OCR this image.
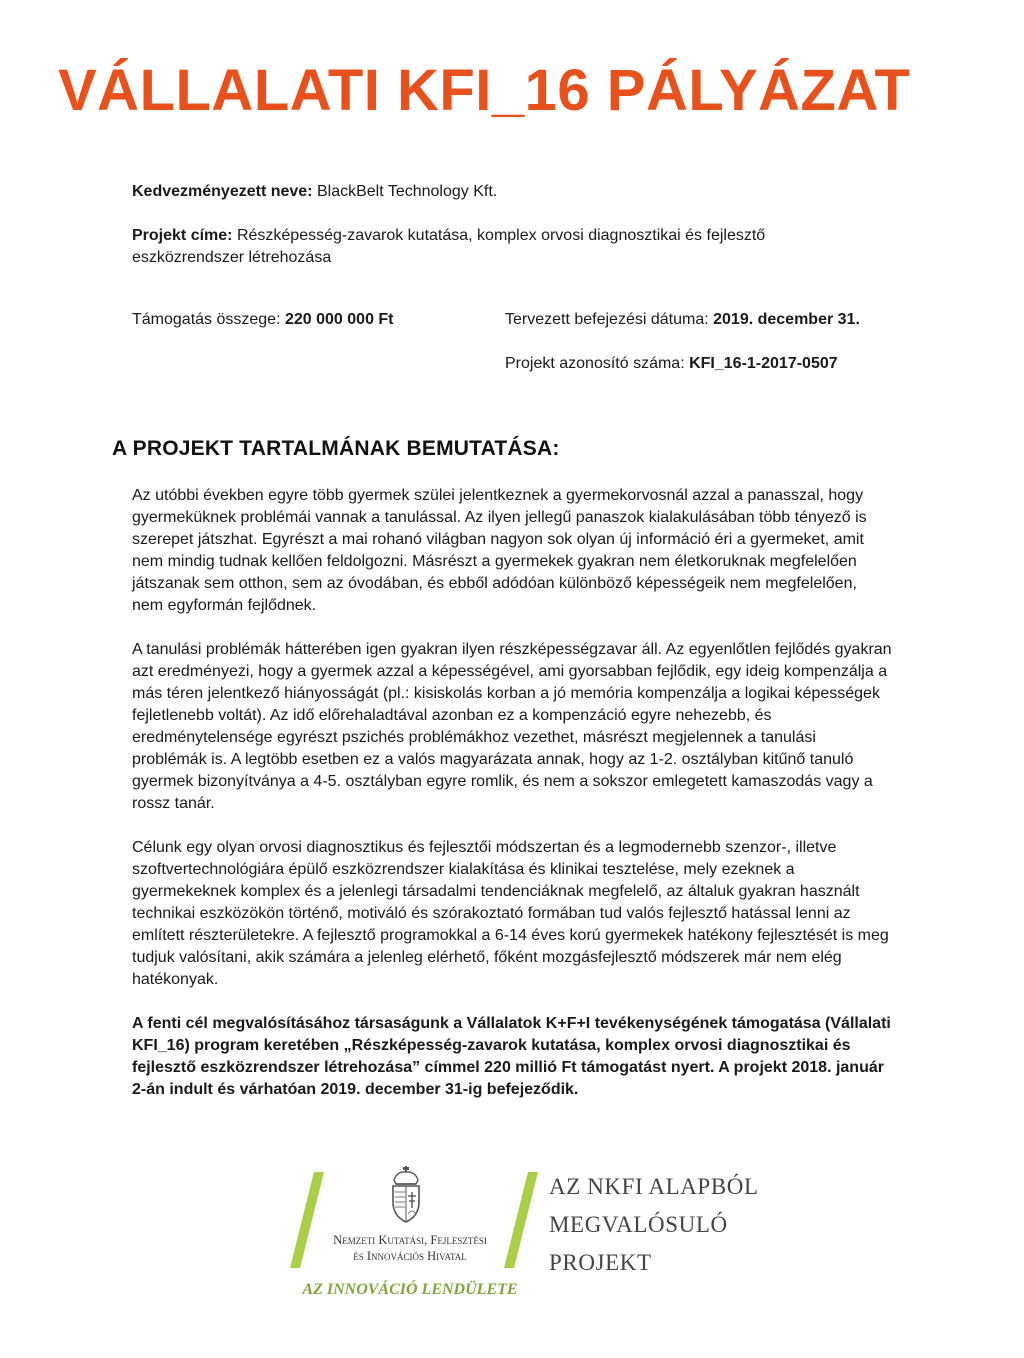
VÁLLALATI KFI_16 PÁLYÁZAT
Kedvezményezett neve: BlackBelt Technology Kft.
Projekt címe: Részképesség-zavarok kutatása, komplex orvosi diagnosztikai és fejlesztő eszközrendszer létrehozása
Támogatás összege: 220 000 000 Ft	Tervezett befejezési dátuma: 2019. december 31.
Projekt azonosító száma: KFI_16-1-2017-0507
A PROJEKT TARTALMÁNAK BEMUTATÁSA:

Az utóbbi években egyre több gyermek szülei jelentkeznek a gyermekorvosnál azzal a panasszal, hogy gyermeküknek problémái vannak a tanulással. Az ilyen jellegű panaszok kialakulásában több tényező is szerepet játszhat. Egyrészt a mai rohanó világban nagyon sok olyan új információ éri a gyermeket, amit nem mindig tudnak kellően feldolgozni. Másrészt a gyermekek gyakran nem életkoruknak megfelelően játszanak sem otthon, sem az óvodában, és ebből adódóan különböző képességeik nem megfelelően, nem egyformán fejlődnek.

A tanulási problémák hátterében igen gyakran ilyen részképességzavar áll. Az egyenlőtlen fejlődés gyakran azt eredményezi, hogy a gyermek azzal a képességével, ami gyorsabban fejlődik, egy ideig kompenzálja a más téren jelentkező hiányosságát (pl.: kisiskolás korban a jó memória kompenzálja a logikai képességek fejletlenebb voltát). Az idő előrehaladtával azonban ez a kompenzáció egyre nehezebb, és eredménytelensége egyrészt pszichés problémákhoz vezethet, másrészt megjelennek a tanulási problémák is. A legtöbb esetben ez a valós magyarázata annak, hogy az 1-2. osztályban kitűnő tanuló gyermek bizonyítványa a 4-5. osztályban egyre romlik, és nem a sokszor emlegetett kamaszodás vagy a rossz tanár.

Célunk egy olyan orvosi diagnosztikus és fejlesztői módszertan és a legmodernebb szenzor-, illetve szoftvertechnológiára épülő eszközrendszer kialakítása és klinikai tesztelése, mely ezeknek a gyermekeknek komplex és a jelenlegi társadalmi tendenciáknak megfelelő, az általuk gyakran használt technikai eszközökön történő, motiváló és szórakoztató formában tud valós fejlesztő hatással lenni az említett részterületekre. A fejlesztő programokkal a 6-14 éves korú gyermekek hatékony fejlesztését is meg tudjuk valósítani, akik számára a jelenleg elérhető, főként mozgásfejlesztő módszerek már nem elég hatékonyak.

A fenti cél megvalósításához társaságunk a Vállalatok K+F+I tevékenységének támogatása (Vállalati KFI_16) program keretében „Részképesség-zavarok kutatása, komplex orvosi diagnosztikai és fejlesztő eszközrendszer létrehozása” címmel 220 millió Ft támogatást nyert. A projekt 2018. január 2-án indult és várhatóan 2019. december 31-ig befejeződik.

Nemzeti Kutatási, Fejlesztési
és Innovációs Hivatal
AZ INNOVÁCIÓ LENDÜLETE
AZ NKFI ALAPBÓL
MEGVALÓSULÓ
PROJEKT
